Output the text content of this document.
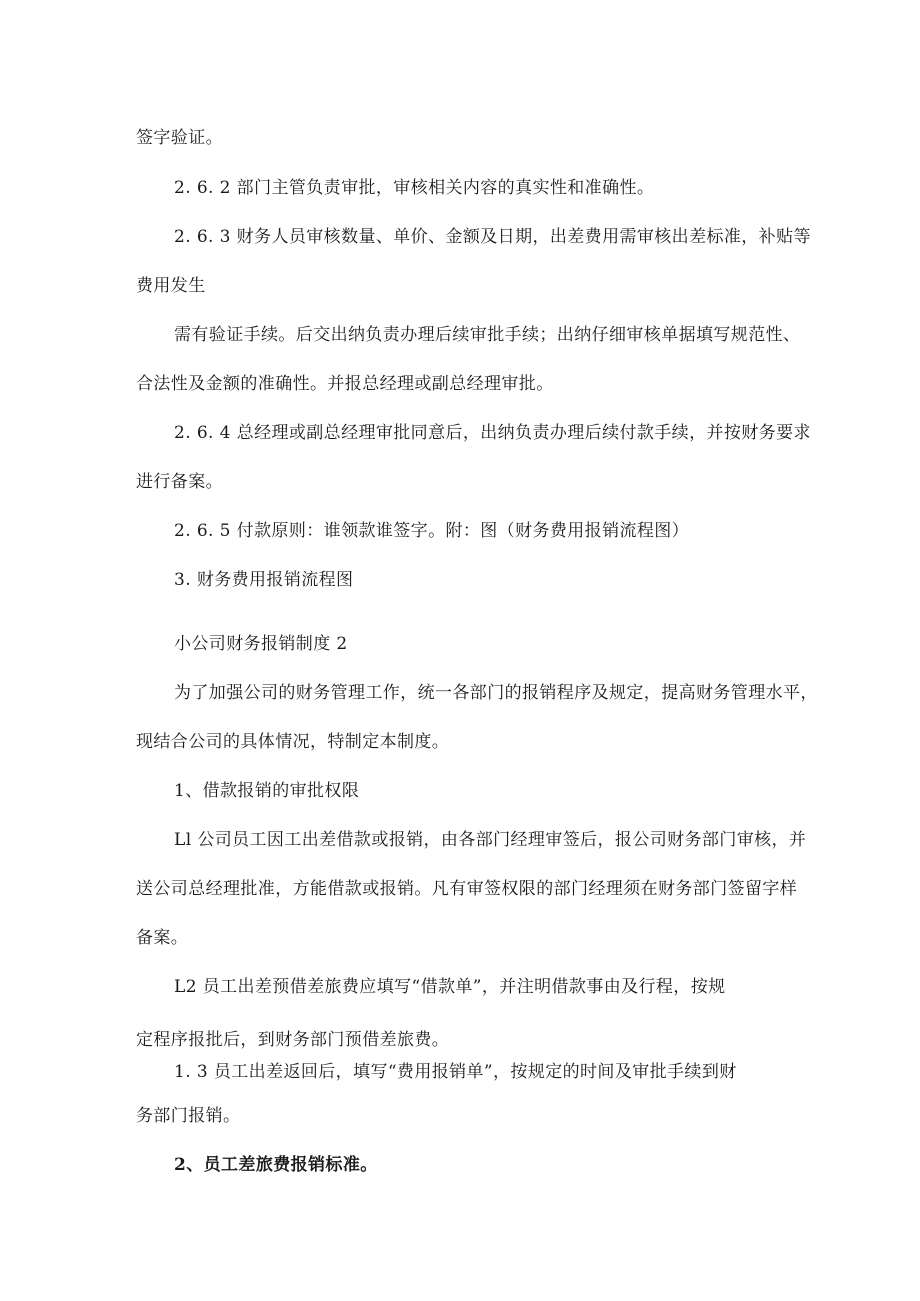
签字验证。
2. 6. 2 部门主管负责审批，审核相关内容的真实性和准确性。
2. 6. 3 财务人员审核数量、单价、金额及日期，出差费用需审核出差标准，补贴等
费用发生
需有验证手续。后交出纳负责办理后续审批手续；出纳仔细审核单据填写规范性、
合法性及金额的准确性。并报总经理或副总经理审批。
2. 6. 4 总经理或副总经理审批同意后，出纳负责办理后续付款手续，并按财务要求
进行备案。
2. 6. 5 付款原则：谁领款谁签字。附：图（财务费用报销流程图）
3. 财务费用报销流程图
小公司财务报销制度 2
为了加强公司的财务管理工作，统一各部门的报销程序及规定，提高财务管理水平，
现结合公司的具体情况，特制定本制度。
1、借款报销的审批权限
Ll 公司员工因工出差借款或报销，由各部门经理审签后，报公司财务部门审核，并
送公司总经理批准，方能借款或报销。凡有审签权限的部门经理须在财务部门签留字样
备案。
L2 员工出差预借差旅费应填写“借款单”，并注明借款事由及行程，按规
定程序报批后，到财务部门预借差旅费。
1. 3 员工出差返回后，填写“费用报销单”，按规定的时间及审批手续到财
务部门报销。
2、员工差旅费报销标准。
